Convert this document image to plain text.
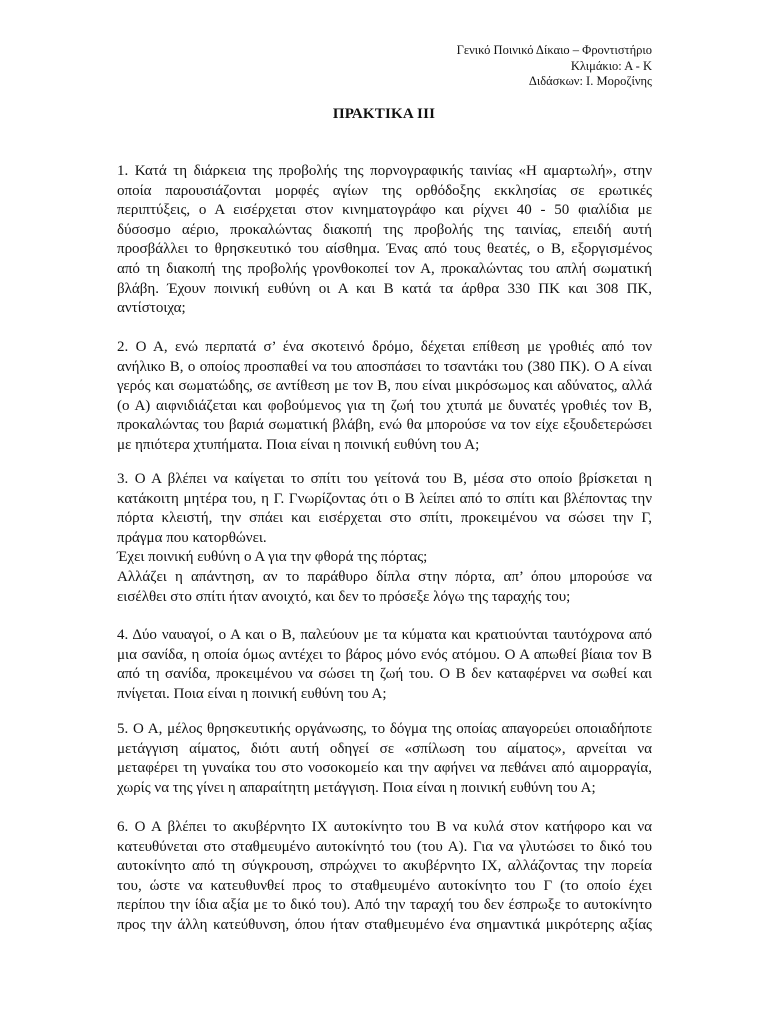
Γενικό Ποινικό Δίκαιο – Φροντιστήριο
Κλιμάκιο: Α - Κ
Διδάσκων: Ι. Μοροζίνης
ΠΡΑΚΤΙΚΑ ΙΙΙ
1. Κατά τη διάρκεια της προβολής της πορνογραφικής ταινίας «Η αμαρτωλή», στην
οποία παρουσιάζονται μορφές αγίων της ορθόδοξης εκκλησίας σε ερωτικές
περιπτύξεις, ο Α εισέρχεται στον κινηματογράφο και ρίχνει 40 - 50 φιαλίδια με
δύσοσμο αέριο, προκαλώντας διακοπή της προβολής της ταινίας, επειδή αυτή
προσβάλλει το θρησκευτικό του αίσθημα. Ένας από τους θεατές, ο Β, εξοργισμένος
από τη διακοπή της προβολής γρονθοκοπεί τον Α, προκαλώντας του απλή σωματική
βλάβη. Έχουν ποινική ευθύνη οι Α και Β κατά τα άρθρα 330 ΠΚ και 308 ΠΚ,
αντίστοιχα;
2. Ο Α, ενώ περπατά σ’ ένα σκοτεινό δρόμο, δέχεται επίθεση με γροθιές από τον
ανήλικο Β, ο οποίος προσπαθεί να του αποσπάσει το τσαντάκι του (380 ΠΚ). Ο Α είναι
γερός και σωματώδης, σε αντίθεση με τον Β, που είναι μικρόσωμος και αδύνατος, αλλά
(ο Α) αιφνιδιάζεται και φοβούμενος για τη ζωή του χτυπά με δυνατές γροθιές τον Β,
προκαλώντας του βαριά σωματική βλάβη, ενώ θα μπορούσε να τον είχε εξουδετερώσει
με ηπιότερα χτυπήματα. Ποια είναι η ποινική ευθύνη του Α;
3. Ο Α βλέπει να καίγεται το σπίτι του γείτονά του Β, μέσα στο οποίο βρίσκεται η
κατάκοιτη μητέρα του, η Γ. Γνωρίζοντας ότι ο Β λείπει από το σπίτι και βλέποντας την
πόρτα κλειστή, την σπάει και εισέρχεται στο σπίτι, προκειμένου να σώσει την Γ,
πράγμα που κατορθώνει.
Έχει ποινική ευθύνη ο Α για την φθορά της πόρτας;
Αλλάζει η απάντηση, αν το παράθυρο δίπλα στην πόρτα, απ’ όπου μπορούσε να
εισέλθει στο σπίτι ήταν ανοιχτό, και δεν το πρόσεξε λόγω της ταραχής του;
4. Δύο ναυαγοί, ο Α και ο Β, παλεύουν με τα κύματα και κρατιούνται ταυτόχρονα από
μια σανίδα, η οποία όμως αντέχει το βάρος μόνο ενός ατόμου. Ο Α απωθεί βίαια τον Β
από τη σανίδα, προκειμένου να σώσει τη ζωή του. Ο Β δεν καταφέρνει να σωθεί και
πνίγεται. Ποια είναι η ποινική ευθύνη του Α;
5. Ο Α, μέλος θρησκευτικής οργάνωσης, το δόγμα της οποίας απαγορεύει οποιαδήποτε
μετάγγιση αίματος, διότι αυτή οδηγεί σε «σπίλωση του αίματος», αρνείται να
μεταφέρει τη γυναίκα του στο νοσοκομείο και την αφήνει να πεθάνει από αιμορραγία,
χωρίς να της γίνει η απαραίτητη μετάγγιση. Ποια είναι η ποινική ευθύνη του Α;
6. Ο Α βλέπει το ακυβέρνητο ΙΧ αυτοκίνητο του Β να κυλά στον κατήφορο και να
κατευθύνεται στο σταθμευμένο αυτοκίνητό του (του Α). Για να γλυτώσει το δικό του
αυτοκίνητο από τη σύγκρουση, σπρώχνει το ακυβέρνητο ΙΧ, αλλάζοντας την πορεία
του, ώστε να κατευθυνθεί προς το σταθμευμένο αυτοκίνητο του Γ (το οποίο έχει
περίπου την ίδια αξία με το δικό του). Από την ταραχή του δεν έσπρωξε το αυτοκίνητο
προς την άλλη κατεύθυνση, όπου ήταν σταθμευμένο ένα σημαντικά μικρότερης αξίας
